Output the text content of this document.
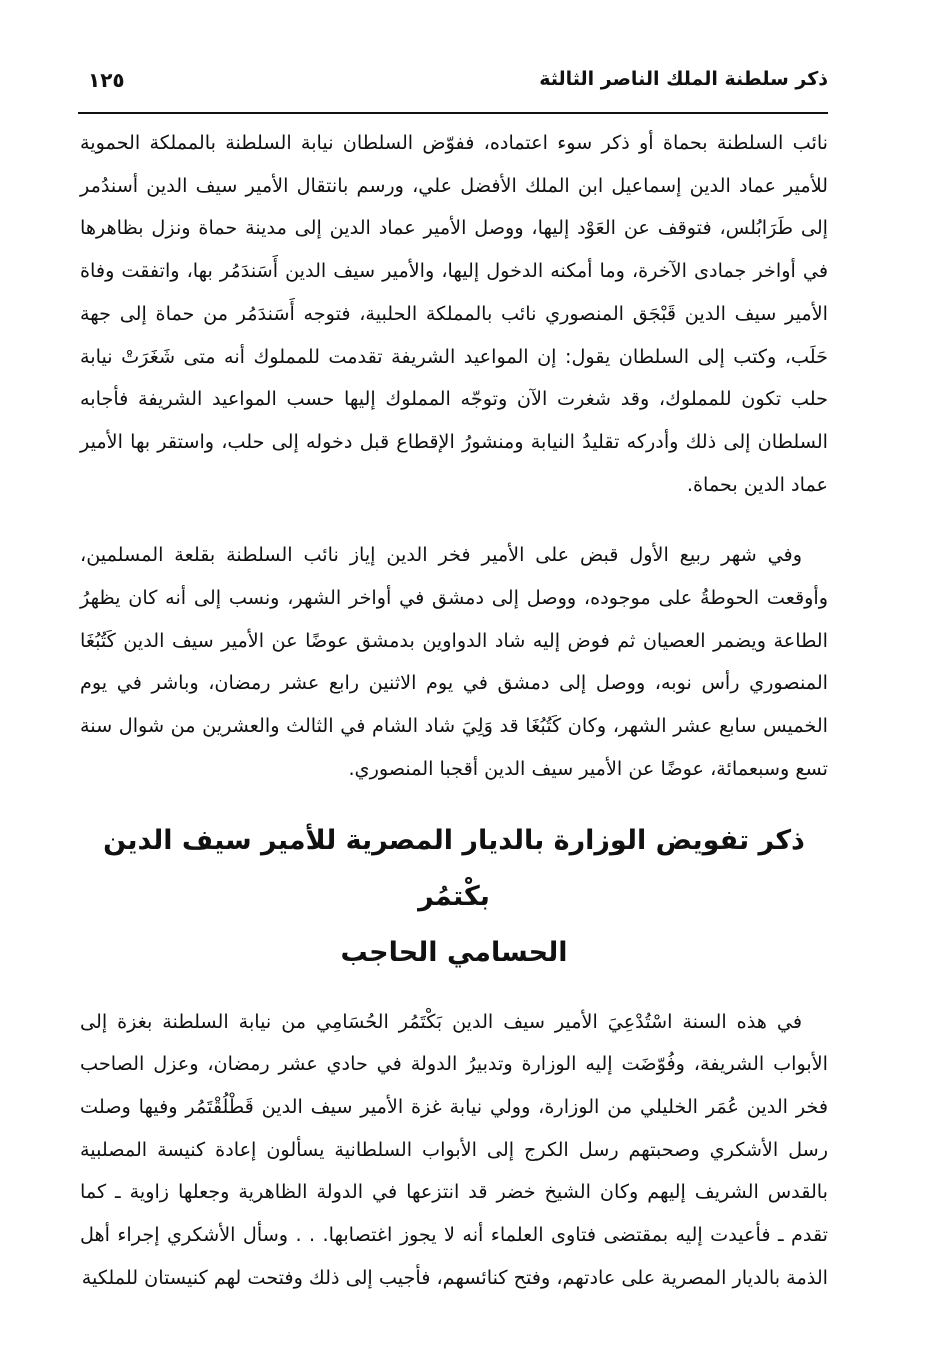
ذكر سلطنة الملك الناصر الثالثة
١٢٥

نائب السلطنة بحماة أو ذكر سوء اعتماده، ففوّض السلطان نيابة السلطنة بالمملكة الحموية للأمير عماد الدين إسماعيل ابن الملك الأفضل علي، ورسم بانتقال الأمير سيف الدين أسندُمر إلى طَرَابُلس، فتوقف عن العَوْد إليها، ووصل الأمير عماد الدين إلى مدينة حماة ونزل بظاهرها في أواخر جمادى الآخرة، وما أمكنه الدخول إليها، والأمير سيف الدين أَسَندَمُر بها، واتفقت وفاة الأمير سيف الدين قَبْجَق المنصوري نائب بالمملكة الحلبية، فتوجه أَسَندَمُر من حماة إلى جهة حَلَب، وكتب إلى السلطان يقول: إن المواعيد الشريفة تقدمت للمملوك أنه متى شَغَرَتْ نيابة حلب تكون للمملوك، وقد شغرت الآن وتوجّه المملوك إليها حسب المواعيد الشريفة فأجابه السلطان إلى ذلك وأدركه تقليدُ النيابة ومنشورُ الإقطاع قبل دخوله إلى حلب، واستقر بها الأمير عماد الدين بحماة.

وفي شهر ربيع الأول قبض على الأمير فخر الدين إياز نائب السلطنة بقلعة المسلمين، وأوقعت الحوطةُ على موجوده، ووصل إلى دمشق في أواخر الشهر، ونسب إلى أنه كان يظهرُ الطاعة ويضمر العصيان ثم فوض إليه شاد الدواوين بدمشق عوضًا عن الأمير سيف الدين كَتُبُغَا المنصوري رأس نوبه، ووصل إلى دمشق في يوم الاثنين رابع عشر رمضان، وباشر في يوم الخميس سابع عشر الشهر، وكان كَتُبُغَا قد وَلِيَ شاد الشام في الثالث والعشرين من شوال سنة تسع وسبعمائة، عوضًا عن الأمير سيف الدين أقجبا المنصوري.

ذكر تفويض الوزارة بالديار المصرية للأمير سيف الدين بكْتمُر
الحسامي الحاجب

في هذه السنة اسْتُدْعِيَ الأمير سيف الدين بَكْتَمُر الحُسَامِي من نيابة السلطنة بغزة إلى الأبواب الشريفة، وفُوّضَت إليه الوزارة وتدبيرُ الدولة في حادي عشر رمضان، وعزل الصاحب فخر الدين عُمَر الخليلي من الوزارة، وولي نيابة غزة الأمير سيف الدين قَطْلُقْتَمُر وفيها وصلت رسل الأشكري وصحبتهم رسل الكرج إلى الأبواب السلطانية يسألون إعادة كنيسة المصلبية بالقدس الشريف إليهم وكان الشيخ خضر قد انتزعها في الدولة الظاهرية وجعلها زاوية ـ كما تقدم ـ فأعيدت إليه بمقتضى فتاوى العلماء أنه لا يجوز اغتصابها. . . وسأل الأشكري إجراء أهل الذمة بالديار المصرية على عادتهم، وفتح كنائسهم، فأجيب إلى ذلك وفتحت لهم كنيستان للملكية
